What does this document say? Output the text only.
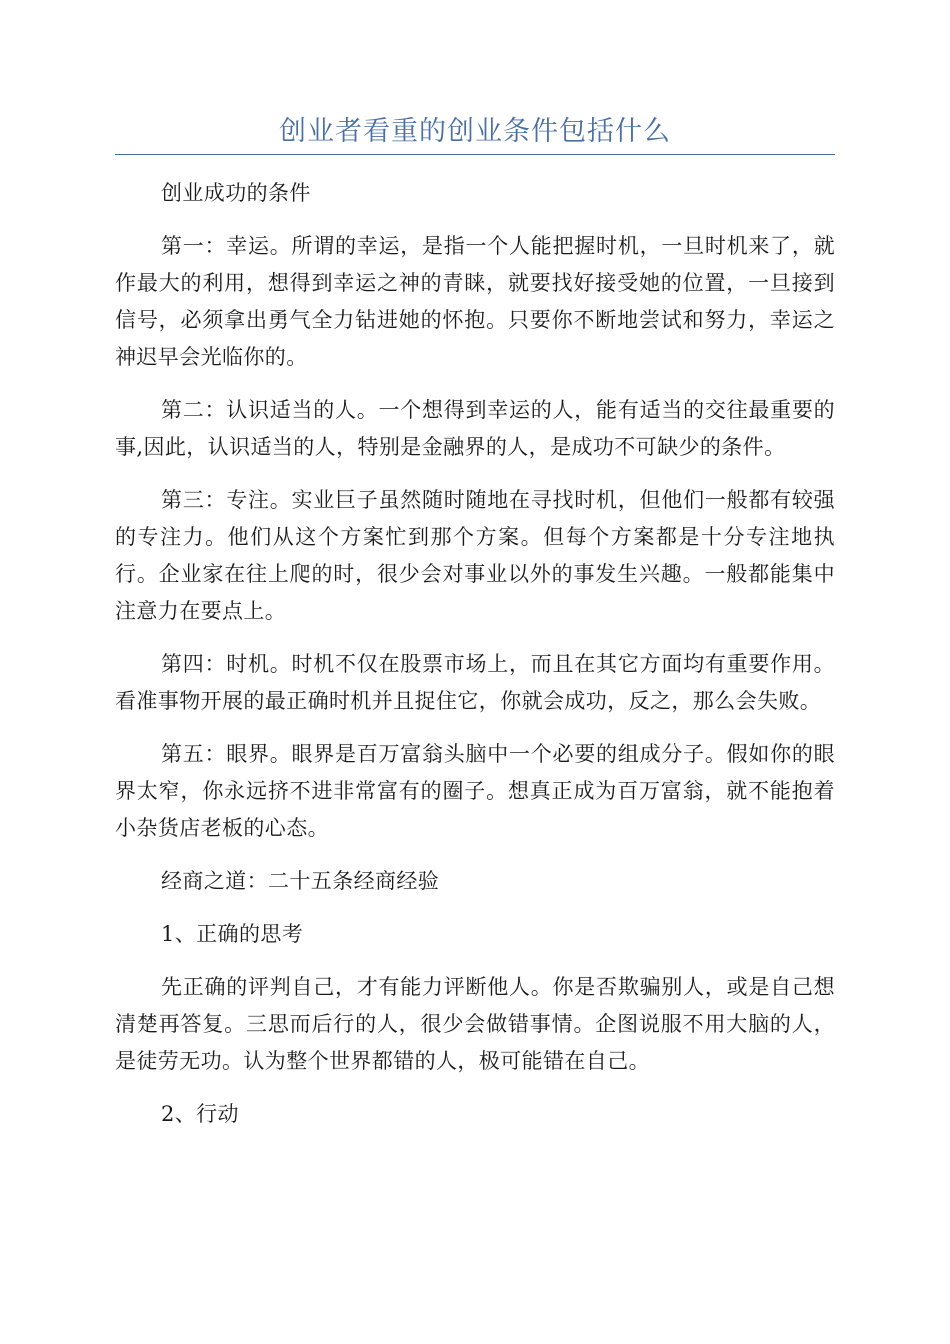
创业者看重的创业条件包括什么

创业成功的条件

第一：幸运。所谓的幸运，是指一个人能把握时机，一旦时机来了，就作最大的利用，想得到幸运之神的青睐，就要找好接受她的位置，一旦接到信号，必须拿出勇气全力钻进她的怀抱。只要你不断地尝试和努力，幸运之神迟早会光临你的。

第二：认识适当的人。一个想得到幸运的人，能有适当的交往最重要的事,因此，认识适当的人，特别是金融界的人，是成功不可缺少的条件。

第三：专注。实业巨子虽然随时随地在寻找时机，但他们一般都有较强的专注力。他们从这个方案忙到那个方案。但每个方案都是十分专注地执行。企业家在往上爬的时，很少会对事业以外的事发生兴趣。一般都能集中注意力在要点上。

第四：时机。时机不仅在股票市场上，而且在其它方面均有重要作用。看准事物开展的最正确时机并且捉住它，你就会成功，反之，那么会失败。

第五：眼界。眼界是百万富翁头脑中一个必要的组成分子。假如你的眼界太窄，你永远挤不进非常富有的圈子。想真正成为百万富翁，就不能抱着小杂货店老板的心态。

经商之道：二十五条经商经验

1、正确的思考

先正确的评判自己，才有能力评断他人。你是否欺骗别人，或是自己想清楚再答复。三思而后行的人，很少会做错事情。企图说服不用大脑的人，是徒劳无功。认为整个世界都错的人，极可能错在自己。

2、行动
